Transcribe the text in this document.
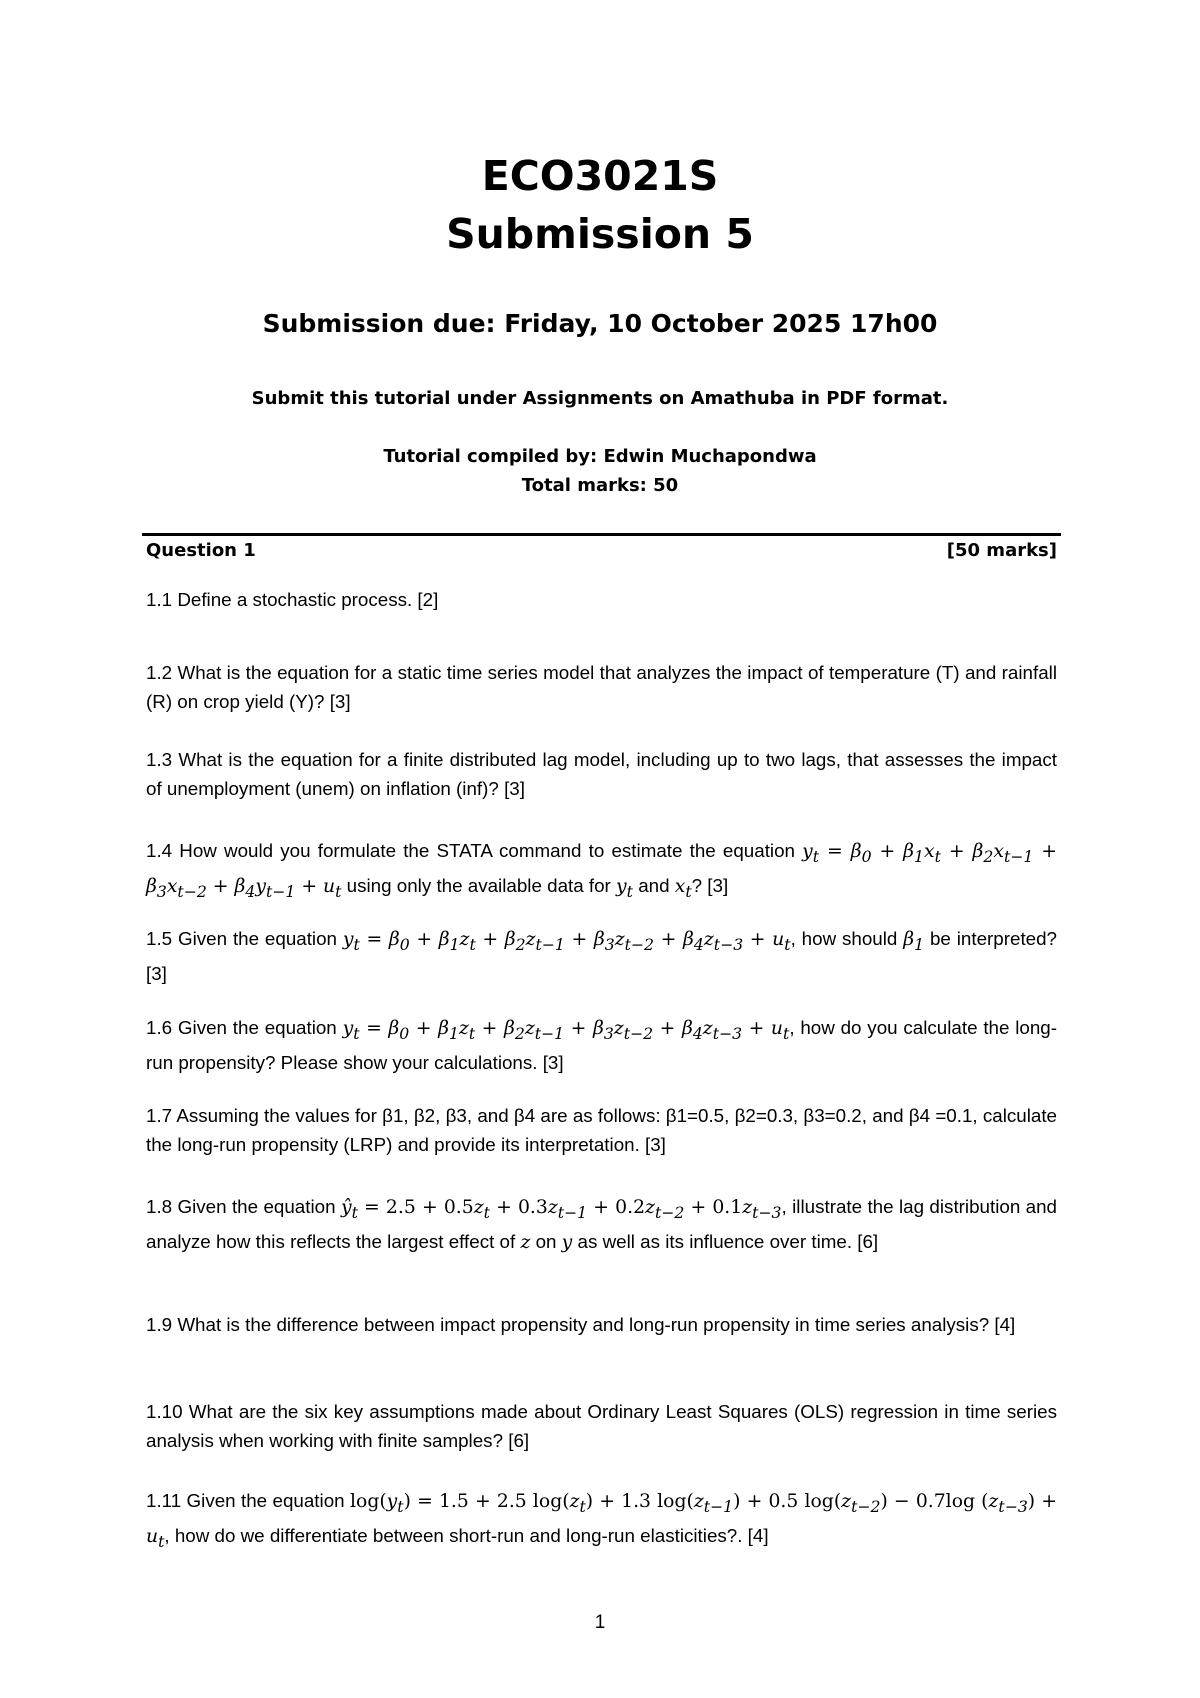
ECO3021S
Submission 5
Submission due: Friday, 10 October 2025 17h00
Submit this tutorial under Assignments on Amathuba in PDF format.
Tutorial compiled by: Edwin Muchapondwa
Total marks: 50
Question 1	[50 marks]

1.1 Define a stochastic process. [2]

1.2 What is the equation for a static time series model that analyzes the impact of temperature (T) and rainfall (R) on crop yield (Y)? [3]

1.3 What is the equation for a finite distributed lag model, including up to two lags, that assesses the impact of unemployment (unem) on inflation (inf)? [3]

1.4 How would you formulate the STATA command to estimate the equation $y_t = \beta_0 + \beta_1x_t + \beta_2x_{t-1} + \beta_3x_{t-2} + \beta_4y_{t-1} + u_t$ using only the available data for $y_t$ and $x_t$? [3]

1.5 Given the equation $y_t = \beta_0 + \beta_1z_t + \beta_2z_{t-1} + \beta_3z_{t-2} + \beta_4z_{t-3} + u_t$, how should $\beta_1$ be interpreted? [3]

1.6 Given the equation $y_t = \beta_0 + \beta_1z_t + \beta_2z_{t-1} + \beta_3z_{t-2} + \beta_4z_{t-3} + u_t$, how do you calculate the long-run propensity? Please show your calculations. [3]

1.7 Assuming the values for β1, β2, β3, and β4 are as follows: β1=0.5, β2=0.3, β3=0.2, and β4 =0.1, calculate the long-run propensity (LRP) and provide its interpretation. [3]

1.8 Given the equation $ŷ_t = 2.5 + 0.5z_t + 0.3z_{t-1} + 0.2z_{t-2} + 0.1z_{t-3}$, illustrate the lag distribution and analyze how this reflects the largest effect of z on y as well as its influence over time. [6]

1.9 What is the difference between impact propensity and long-run propensity in time series analysis? [4]

1.10 What are the six key assumptions made about Ordinary Least Squares (OLS) regression in time series analysis when working with finite samples? [6]

1.11 Given the equation $\log(y_t) = 1.5 + 2.5$ $\log(z_t) + 1.3$ $\log(z_{t-1}) + 0.5$ $\log(z_{t-2}) - 0.7\log$ $(z_{t-3}) + u_t$, how do we differentiate between short-run and long-run elasticities?. [4]

1
